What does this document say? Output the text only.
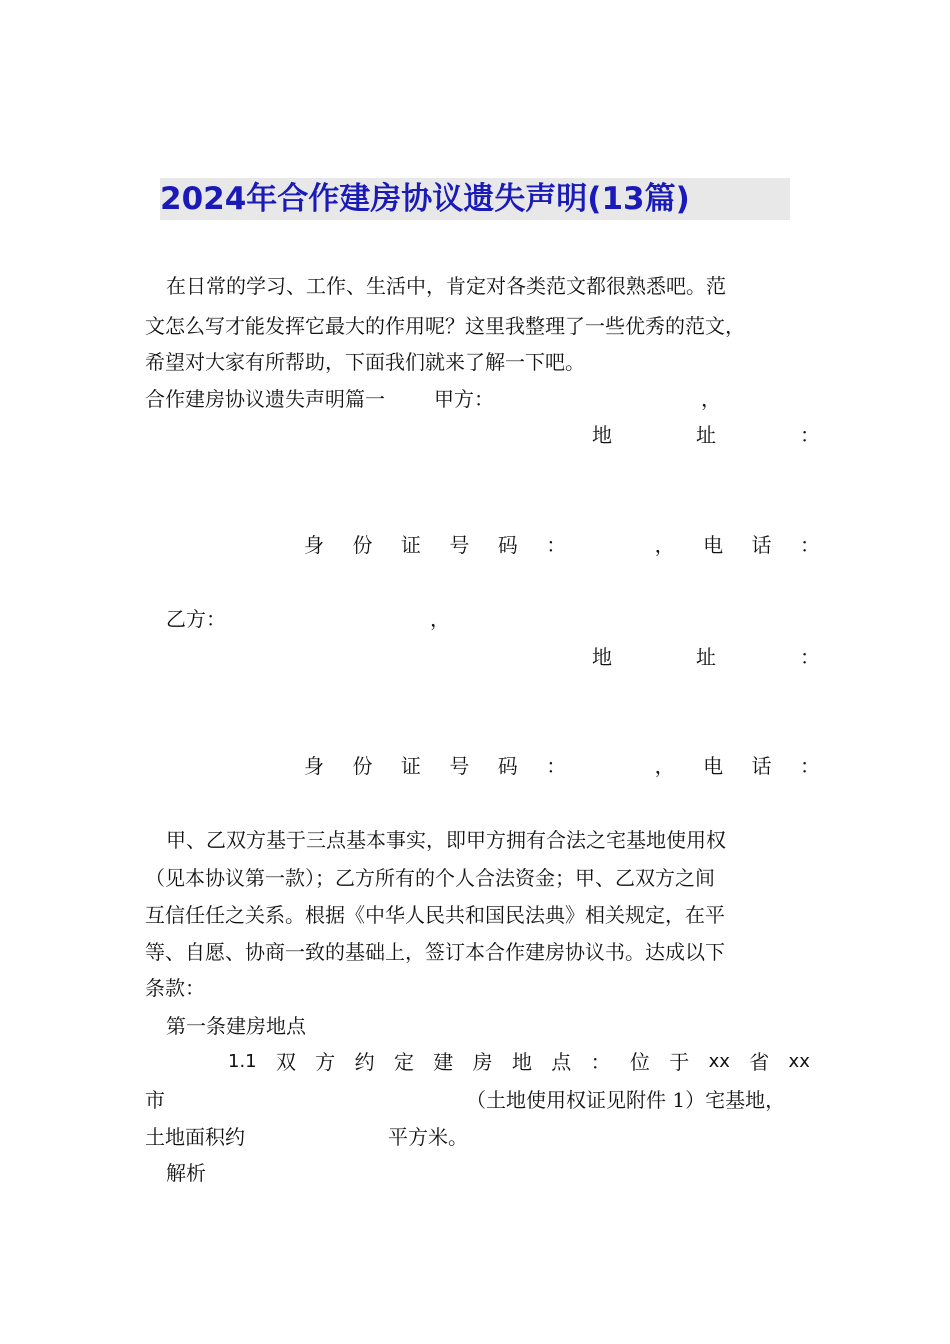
2024年合作建房协议遗失声明(13篇)
在日常的学习、工作、生活中，肯定对各类范文都很熟悉吧。范
文怎么写才能发挥它最大的作用呢？这里我整理了一些优秀的范文，
希望对大家有所帮助，下面我们就来了解一下吧。
合作建房协议遗失声明篇一 甲方：	，
地	址	：
身 份 证 号 码 ：	， 电 话 ：
乙方：	，
地	址	：
身 份 证 号 码 ：	， 电 话 ：
甲、乙双方基于三点基本事实，即甲方拥有合法之宅基地使用权
（见本协议第一款）；乙方所有的个人合法资金；甲、乙双方之间
互信任任之关系。根据《中华人民共和国民法典》相关规定，在平
等、自愿、协商一致的基础上，签订本合作建房协议书。达成以下
条款：
第一条建房地点
1.1 双 方 约 定 建 房 地 点 ： 位 于 xx 省 xx
市	（土地使用权证见附件 1）宅基地，
土地面积约	平方米。
解析
